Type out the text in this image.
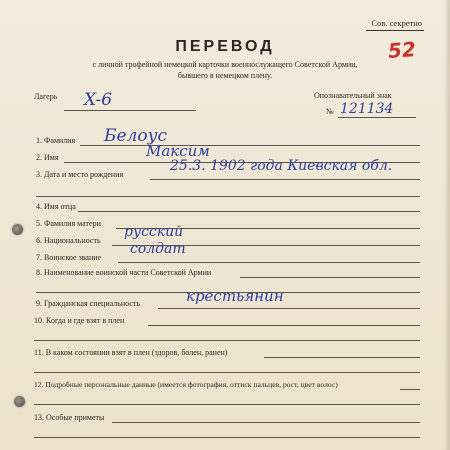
Сов. секретно
52
ПЕРЕВОД
с личной трофейной немецкой карточки военнослужащего Советской Армии,
бывшего в немецком плену.
Лагерь X-6	Опознавательный знак
№ 121134
1. Фамилия Белоус
2. Имя	Максим
3. Дата и место рождения
25.3. 1902 года Киевская обл.
4. Имя отца
5. Фамилия матери
6. Национальность
русский
7. Воинское звание
солдат
8. Наименование воинской части Советской Армии
9. Гражданская специальность	крестьянин
10. Когда и где взят в плен
11. В каком состоянии взят в плен (здоров, болен, ранен)
12. Подробные персональные данные (имеется фотография, оттиск пальцев, рост, цвет волос)
13. Особые приметы
